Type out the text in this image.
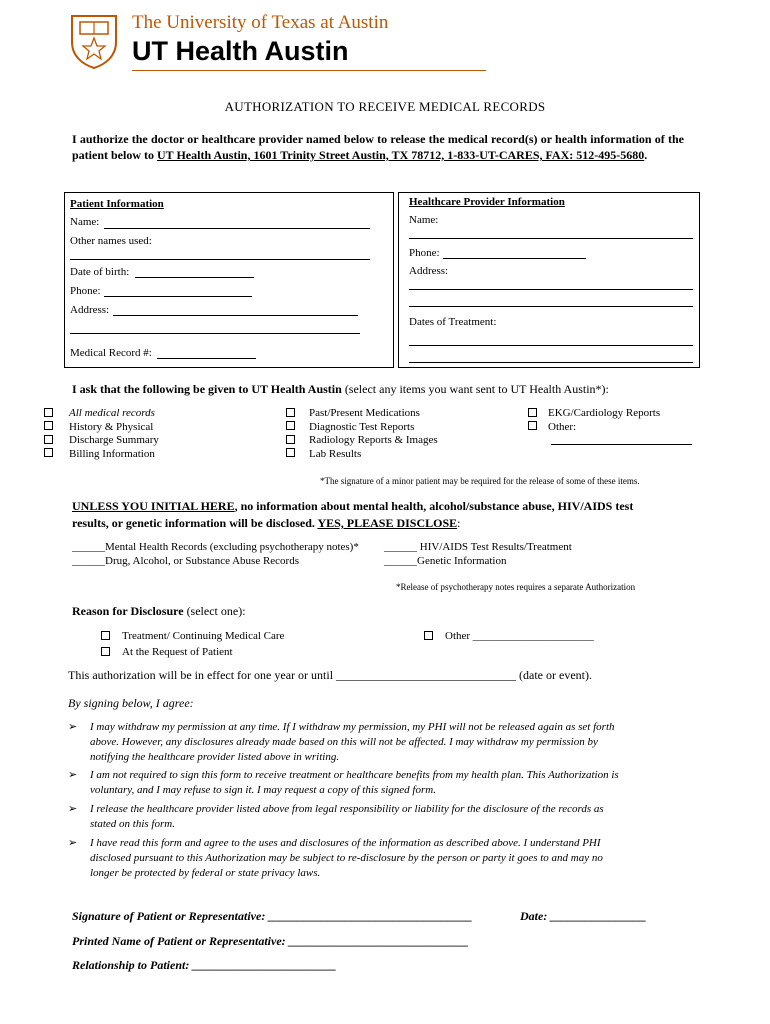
The University of Texas at Austin
UT Health Austin
AUTHORIZATION TO RECEIVE MEDICAL RECORDS
I authorize the doctor or healthcare provider named below to release the medical record(s) or health information of the patient below to UT Health Austin, 1601 Trinity Street Austin, TX 78712, 1-833-UT-CARES, FAX: 512-495-5680.
Patient Information
Name:
Other names used:
Date of birth:
Phone:
Address:
Medical Record #:
Healthcare Provider Information
Name:
Phone:
Address:
Dates of Treatment:
I ask that the following be given to UT Health Austin (select any items you want sent to UT Health Austin*):
All medical records
History & Physical
Discharge Summary
Billing Information
Past/Present Medications
Diagnostic Test Reports
Radiology Reports & Images
Lab Results
EKG/Cardiology Reports
Other:
*The signature of a minor patient may be required for the release of some of these items.
UNLESS YOU INITIAL HERE, no information about mental health, alcohol/substance abuse, HIV/AIDS test
results, or genetic information will be disclosed. YES, PLEASE DISCLOSE:
______Mental Health Records (excluding psychotherapy notes)*
______Drug, Alcohol, or Substance Abuse Records
______ HIV/AIDS Test Results/Treatment
______Genetic Information
*Release of psychotherapy notes requires a separate Authorization
Reason for Disclosure (select one):
Treatment/ Continuing Medical Care
At the Request of Patient
Other ______________________
This authorization will be in effect for one year or until ______________________________ (date or event).
By signing below, I agree:
➢ I may withdraw my permission at any time. If I withdraw my permission, my PHI will not be released again as set forth
above. However, any disclosures already made based on this will not be affected. I may withdraw my permission by
notifying the healthcare provider listed above in writing.
➢ I am not required to sign this form to receive treatment or healthcare benefits from my health plan. This Authorization is
voluntary, and I may refuse to sign it. I may request a copy of this signed form.
➢ I release the healthcare provider listed above from legal responsibility or liability for the disclosure of the records as
stated on this form.
➢ I have read this form and agree to the uses and disclosures of the information as described above. I understand PHI
disclosed pursuant to this Authorization may be subject to re-disclosure by the person or party it goes to and may no
longer be protected by federal or state privacy laws.
Signature of Patient or Representative: __________________________________	Date: ________________
Printed Name of Patient or Representative: ______________________________
Relationship to Patient: ________________________
